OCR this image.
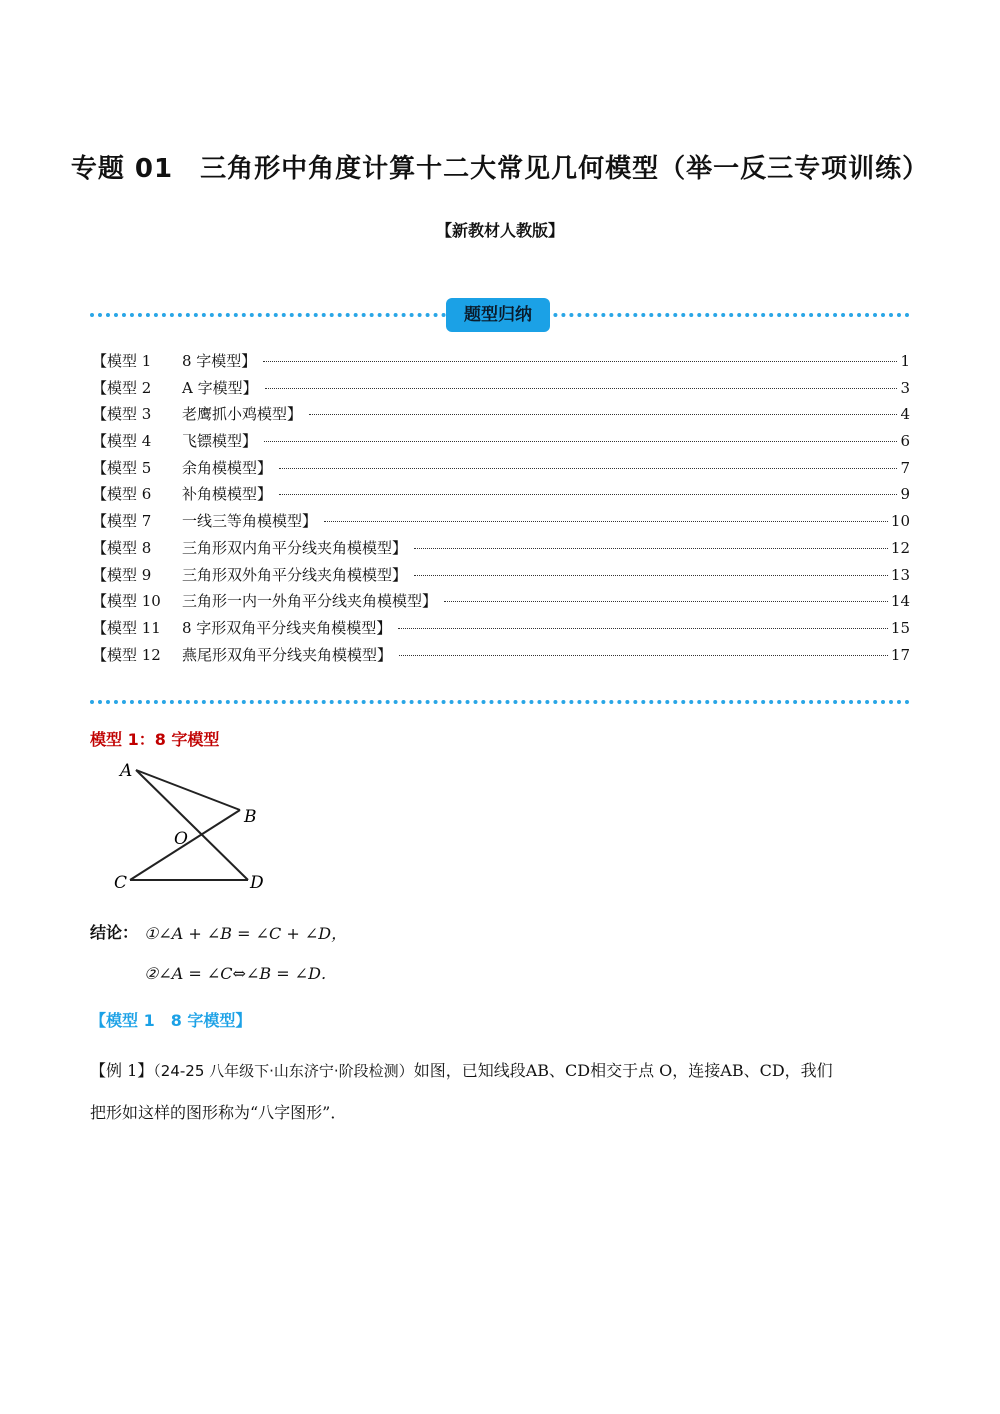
专题 01　三角形中角度计算十二大常见几何模型（举一反三专项训练）
【新教材人教版】
题型归纳
【模型 1	8 字模型】	1
【模型 2	A 字模型】	3
【模型 3	老鹰抓小鸡模型】	4
【模型 4	飞镖模型】	6
【模型 5	余角模模型】	7
【模型 6	补角模模型】	9
【模型 7	一线三等角模模型】	10
【模型 8	三角形双内角平分线夹角模模型】	12
【模型 9	三角形双外角平分线夹角模模型】	13
【模型 10	三角形一内一外角平分线夹角模模型】	14
【模型 11	8 字形双角平分线夹角模模型】	15
【模型 12	燕尾形双角平分线夹角模模型】	17
模型 1：8 字模型
A
B
O
C	D
结论： ①∠A + ∠B = ∠C + ∠D，
②∠A = ∠C⇔∠B = ∠D．
【模型 1　8 字模型】
【例 1】（24-25 八年级下·山东济宁·阶段检测）如图，已知线段AB、CD相交于点 O，连接AB、CD，我们
把形如这样的图形称为“八字图形”．
